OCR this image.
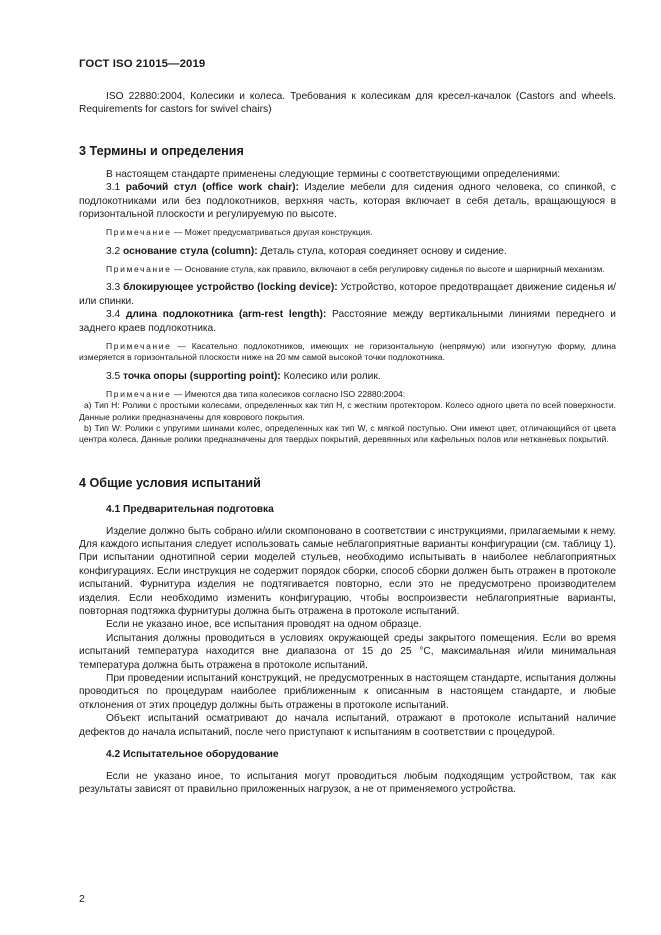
ГОСТ ISO 21015—2019

ISO 22880:2004, Колесики и колеса. Требования к колесикам для кресел-качалок (Castors and wheels. Requirements for castors for swivel chairs)

3 Термины и определения

В настоящем стандарте применены следующие термины с соответствующими определениями:

3.1 рабочий стул (office work chair): Изделие мебели для сидения одного человека, со спинкой, с подлокотниками или без подлокотников, верхняя часть, которая включает в себя деталь, вращающуюся в горизонтальной плоскости и регулируемую по высоте.

Примечание — Может предусматриваться другая конструкция.

3.2 основание стула (column): Деталь стула, которая соединяет основу и сидение.

Примечание — Основание стула, как правило, включают в себя регулировку сиденья по высоте и шарнирный механизм.

3.3 блокирующее устройство (locking device): Устройство, которое предотвращает движение сиденья и/или спинки.

3.4 длина подлокотника (arm-rest length): Расстояние между вертикальными линиями переднего и заднего краев подлокотника.

Примечание — Касательно подлокотников, имеющих не горизонтальную (непрямую) или изогнутую форму, длина измеряется в горизонтальной плоскости ниже на 20 мм самой высокой точки подлокотника.

3.5 точка опоры (supporting point): Колесико или ролик.

Примечание — Имеются два типа колесиков согласно ISO 22880:2004:

а) Тип H: Ролики с простыми колесами, определенных как тип H, с жестким протектором. Колесо одного цвета по всей поверхности. Данные ролики предназначены для коврового покрытия.

b) Тип W: Ролики с упругими шинами колес, определенных как тип W, с мягкой поступью. Они имеют цвет, отличающийся от цвета центра колеса. Данные ролики предназначены для твердых покрытий, деревянных или кафельных полов или нетканевых покрытий.

4 Общие условия испытаний
4.1 Предварительная подготовка

Изделие должно быть собрано и/или скомпоновано в соответствии с инструкциями, прилагаемыми к нему. Для каждого испытания следует использовать самые неблагоприятные варианты конфигурации (см. таблицу 1). При испытании однотипной серии моделей стульев, необходимо испытывать в наиболее неблагоприятных конфигурациях. Если инструкция не содержит порядок сборки, способ сборки должен быть отражен в протоколе испытаний. Фурнитура изделия не подтягивается повторно, если это не предусмотрено производителем изделия. Если необходимо изменить конфигурацию, чтобы воспроизвести неблагоприятные варианты, повторная подтяжка фурнитуры должна быть отражена в протоколе испытаний.

Если не указано иное, все испытания проводят на одном образце.

Испытания должны проводиться в условиях окружающей среды закрытого помещения. Если во время испытаний температура находится вне диапазона от 15 до 25 °С, максимальная и/или минимальная температура должна быть отражена в протоколе испытаний.

При проведении испытаний конструкций, не предусмотренных в настоящем стандарте, испытания должны проводиться по процедурам наиболее приближенным к описанным в настоящем стандарте, и любые отклонения от этих процедур должны быть отражены в протоколе испытаний.

Объект испытаний осматривают до начала испытаний, отражают в протоколе испытаний наличие дефектов до начала испытаний, после чего приступают к испытаниям в соответствии с процедурой.

4.2 Испытательное оборудование

Если не указано иное, то испытания могут проводиться любым подходящим устройством, так как результаты зависят от правильно приложенных нагрузок, а не от применяемого устройства.

2
